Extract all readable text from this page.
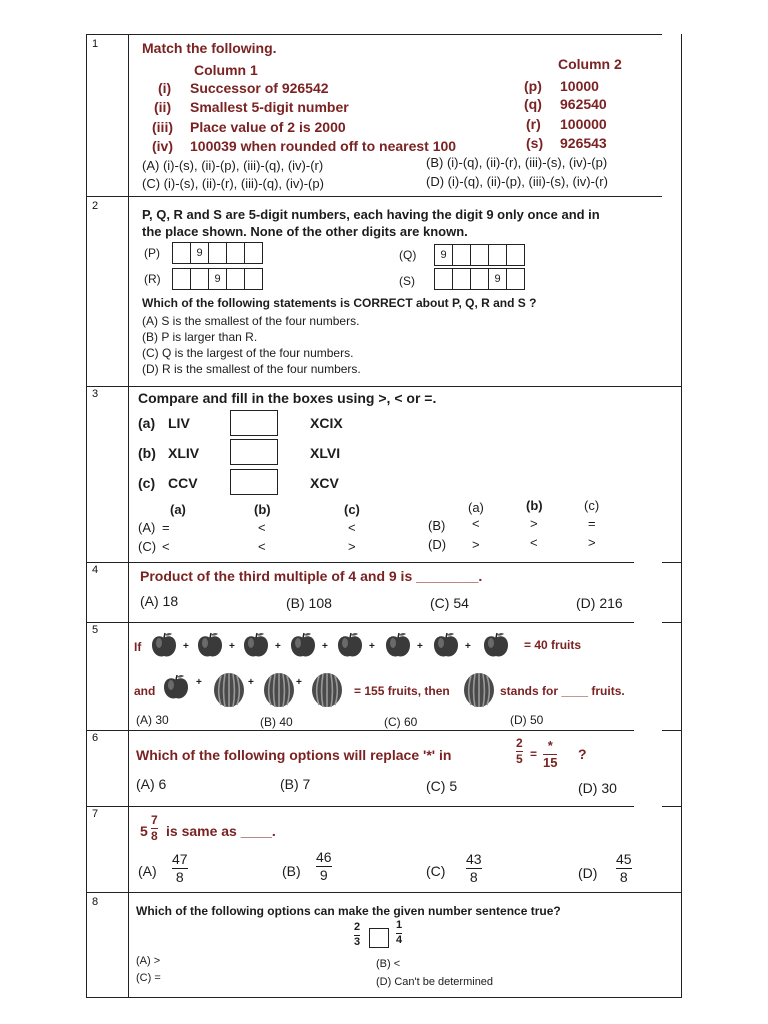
1	Match the following.
Column 1	Column 2
(i) Successor of 926542	(p) 10000
(ii) Smallest 5-digit number	(q) 962540
(iii) Place value of 2 is 2000	(r) 100000
(iv) 100039 when rounded off to nearest 100	(s) 926543
(A) (i)-(s), (ii)-(p), (iii)-(q), (iv)-(r)	(B) (i)-(q), (ii)-(r), (iii)-(s), (iv)-(p)
(C) (i)-(s), (ii)-(r), (iii)-(q), (iv)-(p)	(D) (i)-(q), (ii)-(p), (iii)-(s), (iv)-(r)
2
P, Q, R and S are 5-digit numbers, each having the digit 9 only once and in
the place shown. None of the other digits are known.
(P)	9	(Q)	9
(R)	9	(S)	9
Which of the following statements is CORRECT about P, Q, R and S ?
(A) S is the smallest of the four numbers.
(B) P is larger than R.
(C) Q is the largest of the four numbers.
(D) R is the smallest of the four numbers.
3	Compare and fill in the boxes using >, < or =.
(a) LIV	XCIX
(b) XLIV	XLVI
(c) CCV	XCV
(a)	(b)	(c)	(a)	(b)	(c)
(A) =	<	<	(B) <	>	=
(C) <	<	>	(D) >	<	>
4	Product of the third multiple of 4 and 9 is ________.
(A) 18	(B) 108	(C) 54	(D) 216
5
If	+	+	+	+	+	+	+	= 40 fruits
and
+	+	+
= 155 fruits, then	stands for ____ fruits.
(A) 30	(B) 40	(C) 60	(D) 50
6
Which of the following options will replace '*' in
2
5 =
*
15
?
(A) 6	(B) 7	(C) 5	(D) 30
7
5
7
8 is same as ____.
(A)
47
8	(B)
46
9	(C)
43
8	(D)
45
8
8
Which of the following options can make the given number sentence true?
2
3
1
4
(A) >	(B) <
(C) =	(D) Can't be determined
